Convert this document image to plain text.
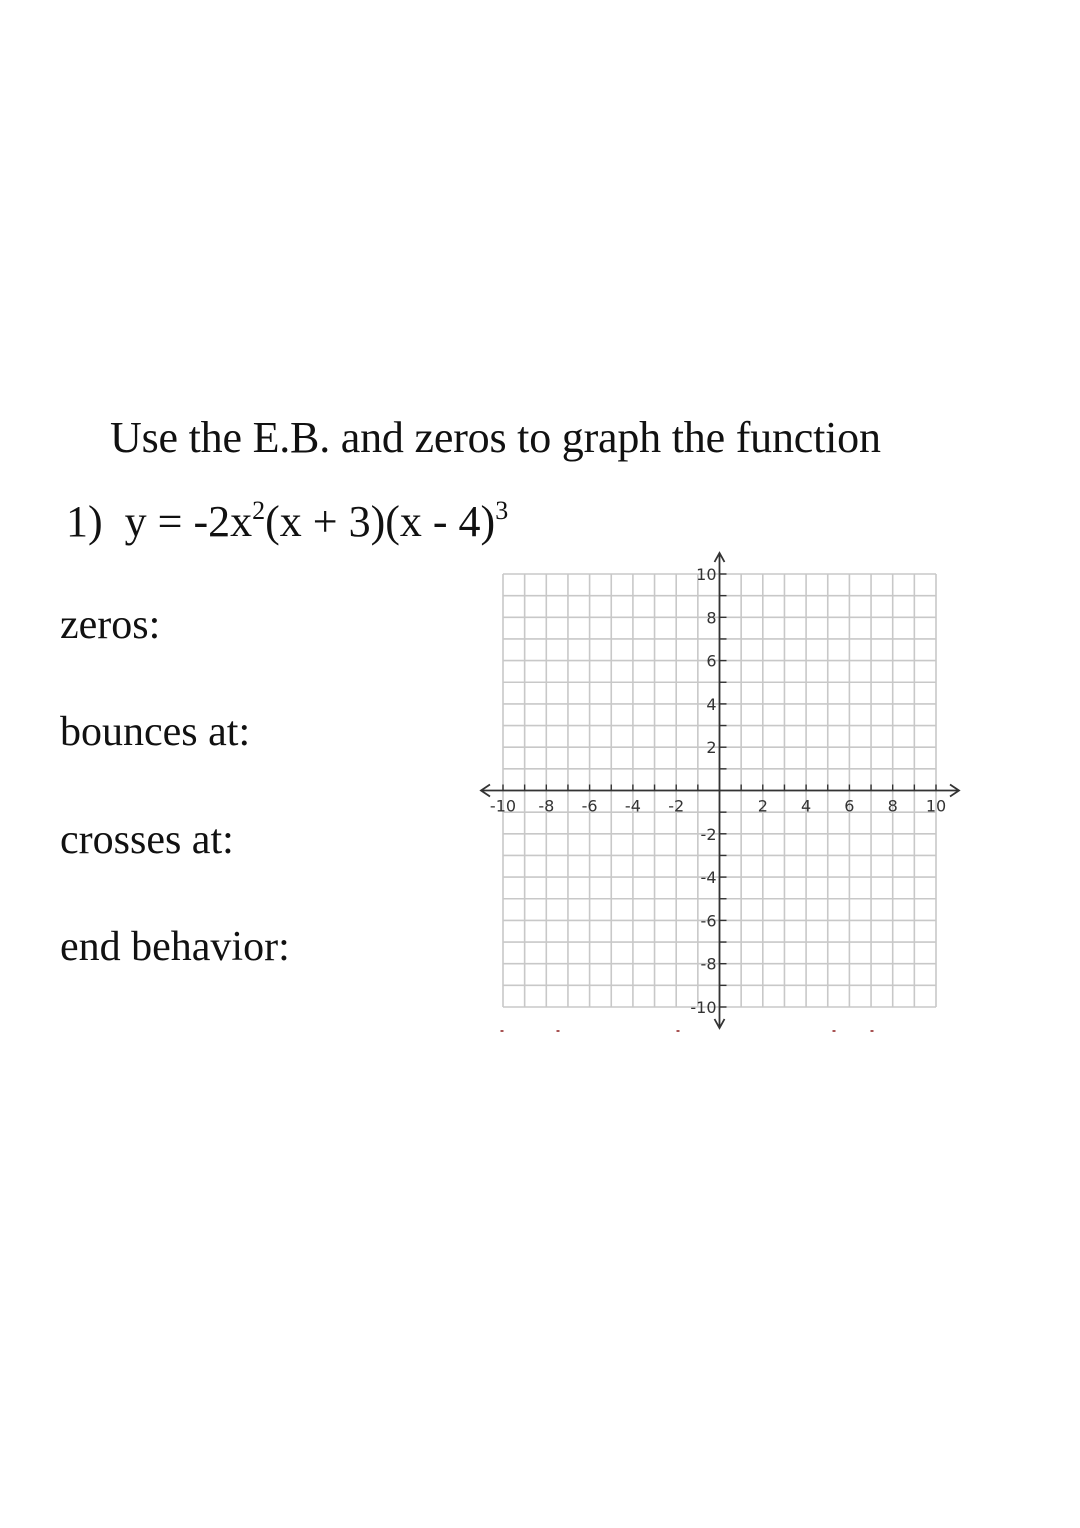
Use the E.B. and zeros to graph the function
1) $y = -2x^2(x + 3)(x - 4)^3$
zeros:
bounces at:
crosses at:
end behavior:
-10 -8 -6 -4 -2	2 4 6 8 10
10
8
6
4
2
-2
-4
-6
-8
-10
